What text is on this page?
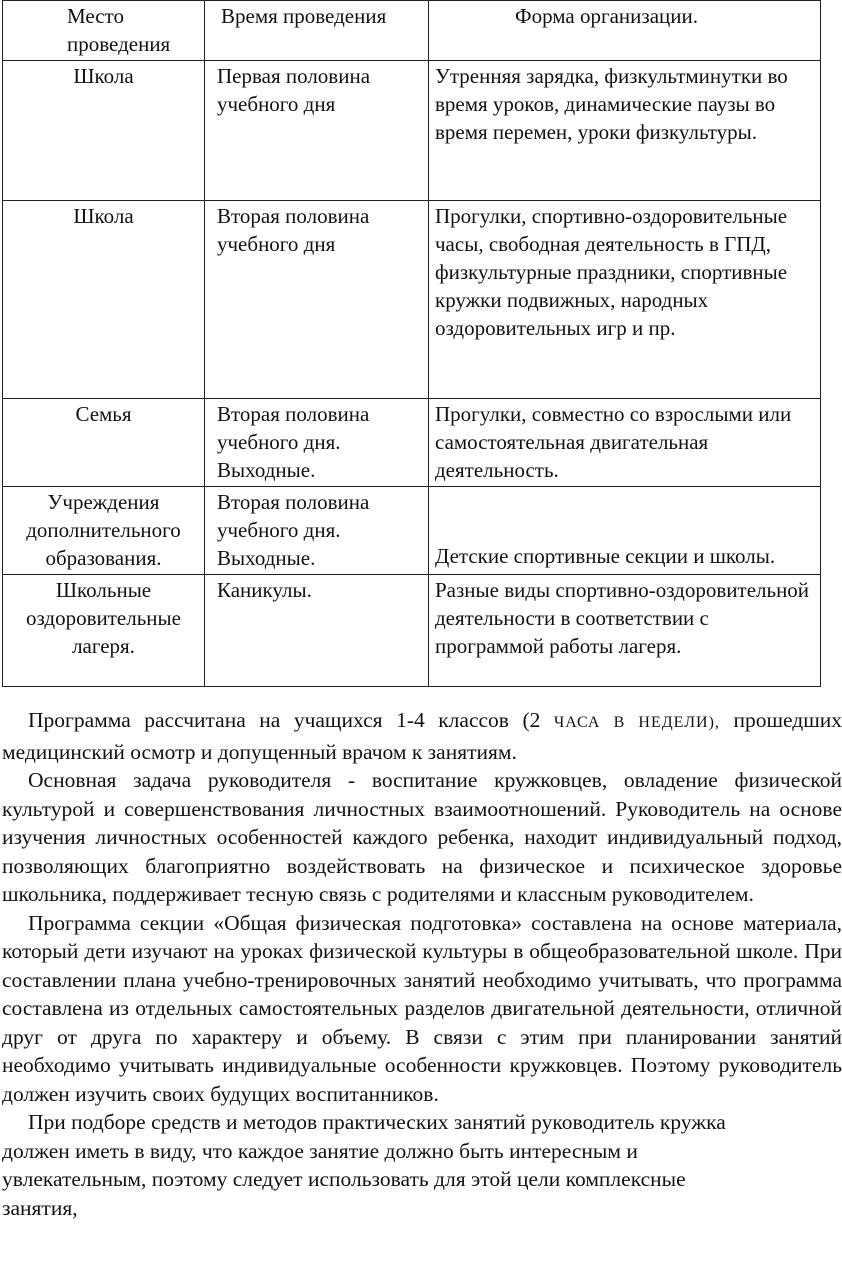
Место проведения	Время проведения	Форма организации.
Школа	Первая половина учебного дня	Утренняя зарядка, физкультминутки во время уроков, динамические паузы во время перемен, уроки физкультуры.
Школа	Вторая половина учебного дня	Прогулки, спортивно-оздоровительные часы, свободная деятельность в ГПД, физкультурные праздники, спортивные кружки подвижных, народных оздоровительных игр и пр.
Семья	Вторая половина учебного дня. Выходные.	Прогулки, совместно со взрослыми или самостоятельная двигательная деятельность.
Учреждения дополнительного образования.	Вторая половина учебного дня. Выходные.	Детские спортивные секции и школы.
Школьные оздоровительные лагеря.	Каникулы.	Разные виды спортивно-оздоровительной деятельности в соответствии с программой работы лагеря.

Программа рассчитана на учащихся 1-4 классов (2 ЧАСА В НЕДЕЛИ), прошедших медицинский осмотр и допущенный врачом к занятиям.

Основная задача руководителя - воспитание кружковцев, овладение физической культурой и совершенствования личностных взаимоотношений. Руководитель на основе изучения личностных особенностей каждого ребенка, находит индивидуальный подход, позволяющих благоприятно воздействовать на физическое и психическое здоровье школьника, поддерживает тесную связь с родителями и классным руководителем.

Программа секции «Общая физическая подготовка» составлена на основе материала, который дети изучают на уроках физической культуры в общеобразовательной школе. При составлении плана учебно-тренировочных занятий необходимо учитывать, что программа составлена из отдельных самостоятельных разделов двигательной деятельности, отличной друг от друга по характеру и объему. В связи с этим при планировании занятий необходимо учитывать индивидуальные особенности кружковцев. Поэтому руководитель должен изучить своих будущих воспитанников.

При подборе средств и методов практических занятий руководитель кружка должен иметь в виду, что каждое занятие должно быть интересным и увлекательным, поэтому следует использовать для этой цели комплексные занятия,
